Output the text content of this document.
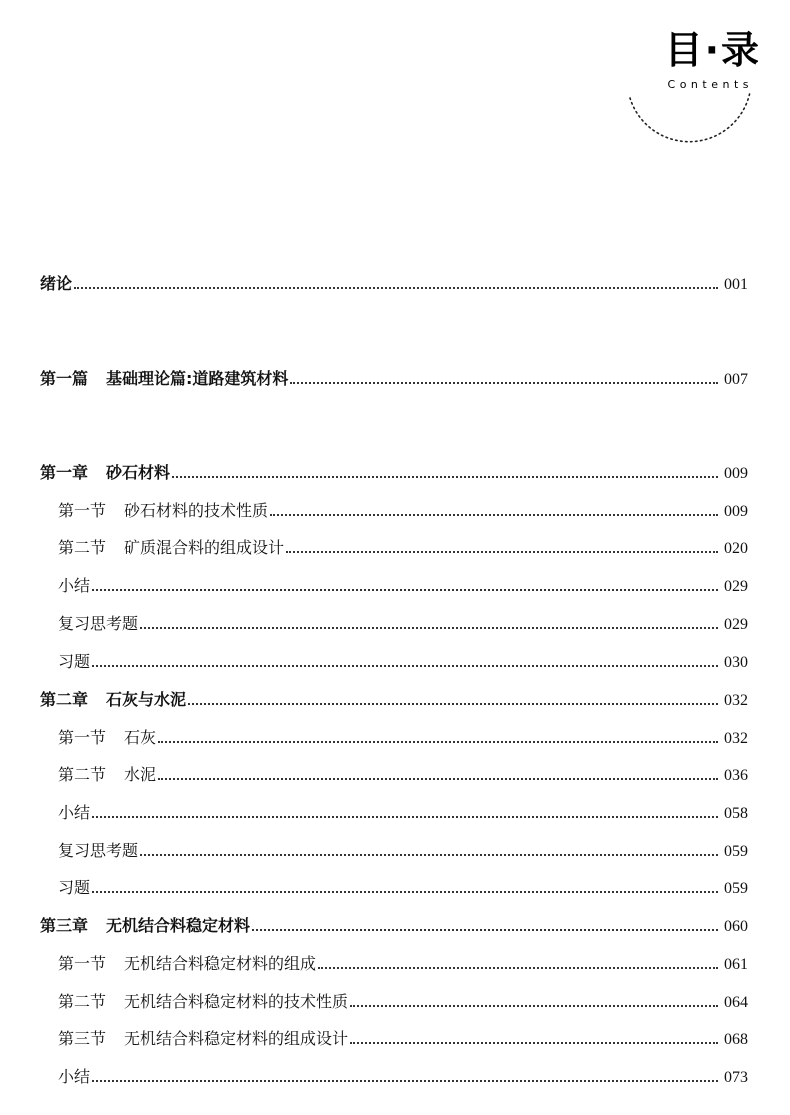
目·录
Contents
绪论	001
第一篇 基础理论篇:道路建筑材料	007
第一章 砂石材料	009
第一节 砂石材料的技术性质	009
第二节 矿质混合料的组成设计	020
小结	029
复习思考题	029
习题	030
第二章 石灰与水泥	032
第一节 石灰	032
第二节 水泥	036
小结	058
复习思考题	059
习题	059
第三章 无机结合料稳定材料	060
第一节 无机结合料稳定材料的组成	061
第二节 无机结合料稳定材料的技术性质	064
第三节 无机结合料稳定材料的组成设计	068
小结	073
